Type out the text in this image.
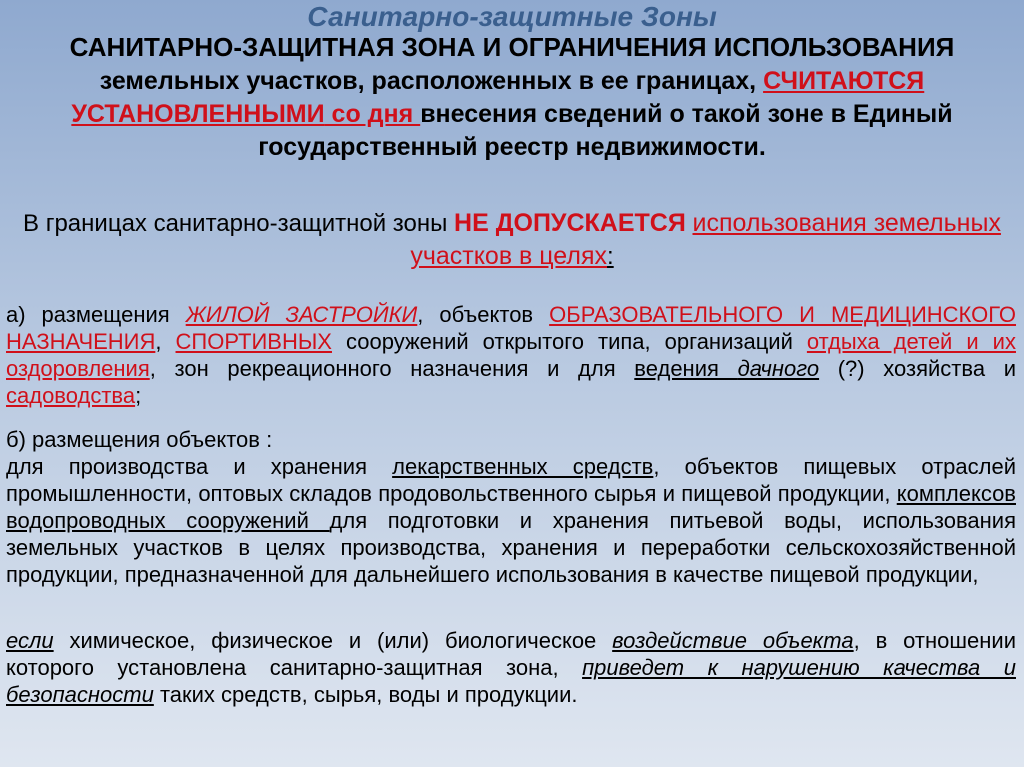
Санитарно-защитные Зоны
САНИТАРНО-ЗАЩИТНАЯ ЗОНА И ОГРАНИЧЕНИЯ ИСПОЛЬЗОВАНИЯ
земельных участков, расположенных в ее границах, СЧИТАЮТСЯ УСТАНОВЛЕННЫМИ со дня внесения сведений о такой зоне в Единый государственный реестр недвижимости.
В границах санитарно-защитной зоны НЕ ДОПУСКАЕТСЯ использования земельных участков в целях:
а) размещения ЖИЛОЙ ЗАСТРОЙКИ, объектов ОБРАЗОВАТЕЛЬНОГО И МЕДИЦИНСКОГО НАЗНАЧЕНИЯ, СПОРТИВНЫХ сооружений открытого типа, организаций отдыха детей и их оздоровления, зон рекреационного назначения и для ведения дачного (?) хозяйства и садоводства;
б) размещения объектов :
для производства и хранения лекарственных средств, объектов пищевых отраслей промышленности, оптовых складов продовольственного сырья и пищевой продукции, комплексов водопроводных сооружений для подготовки и хранения питьевой воды, использования земельных участков в целях производства, хранения и переработки сельскохозяйственной продукции, предназначенной для дальнейшего использования в качестве пищевой продукции,
если химическое, физическое и (или) биологическое воздействие объекта, в отношении которого установлена санитарно-защитная зона, приведет к нарушению качества и безопасности таких средств, сырья, воды и продукции.
